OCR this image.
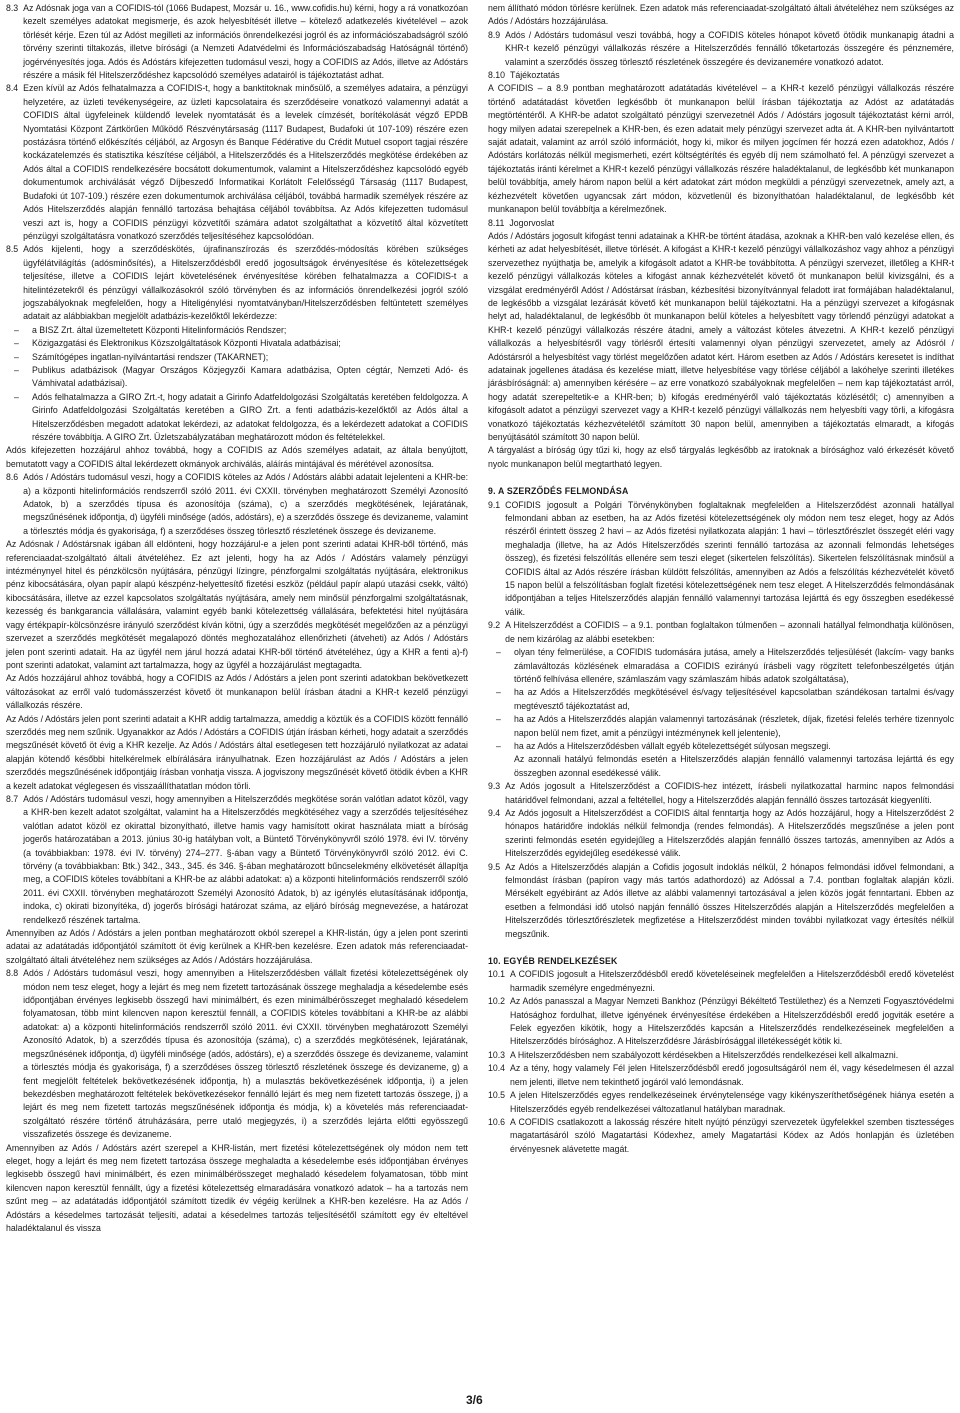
8.3 Az Adósnak joga van a COFIDIS-tól (1066 Budapest, Mozsár u. 16., www.cofidis.hu) kérni, hogy a rá vonatkozóan kezelt személyes adatokat megismerje, és azok helyesbítését illetve – kötelező adatkezelés kivételével – azok törlését kérje. Ezen túl az Adóst megilleti az információs önrendelkezési jogról és az információszabadságról szóló törvény szerinti tiltakozás, illetve bírósági (a Nemzeti Adatvédelmi és Információszabadság Hatóságnál történő) jogérvényesítés joga. Adós és Adóstárs kifejezetten tudomásul veszi, hogy a COFIDIS az Adós, illetve az Adóstárs részére a másik fél Hitelszerződéshez kapcsolódó személyes adatairól is tájékoztatást adhat.

8.4 Ezen kívül az Adós felhatalmazza a COFIDIS-t, hogy a banktitoknak minősülő, a személyes adataira, a pénzügyi helyzetére, az üzleti tevékenységeire, az üzleti kapcsolataira és szerződéseire vonatkozó valamennyi adatát a COFIDIS által ügyfeleinek küldendő levelek nyomtatását és a levelek címzését, borítékolását végző EPDB Nyomtatási Központ Zártkörűen Működő Részvénytársaság (1117 Budapest, Budafoki út 107-109) részére ezen postázásra történő előkészítés céljából, az Argosyn és Banque Fédérative du Crédit Mutuel csoport tagjai részére kockázatelemzés és statisztika készítése céljából, a Hitelszerződés és a Hitelszerződés megkötése érdekében az Adós által a COFIDIS rendelkezésére bocsátott dokumentumok, valamint a Hitelszerződéshez kapcsolódó egyéb dokumentumok archiválását végző Díjbeszedő Informatikai Korlátolt Felelősségű Társaság (1117 Budapest, Budafoki út 107-109.) részére ezen dokumentumok archiválása céljából, továbbá harmadik személyek részére az Adós Hitelszerződés alapján fennálló tartozása behajtása céljából továbbítsa. Az Adós kifejezetten tudomásul veszi azt is, hogy a COFIDIS pénzügyi közvetítői számára adatot szolgáltathat a közvetítő által közvetített pénzügyi szolgáltatásra vonatkozó szerződés teljesítéséhez kapcsolódóan.

8.5 Adós kijelenti, hogy a szerződéskötés, újrafinanszírozás és szerződés-módosítás körében szükséges ügyfélátvilágítás (adósminősítés), a Hitelszerződésből eredő jogosultságok érvényesítése és kötelezettségek teljesítése, illetve a COFIDIS lejárt követelésének érvényesítése körében felhatalmazza a COFIDIS-t a hitelintézetekről és pénzügyi vállalkozásokról szóló törvényben és az információs önrendelkezési jogról szóló jogszabályoknak megfelelően, hogy a Hiteligénylési nyomtatványban/Hitelszerződésben feltüntetett személyes adatait az alábbiakban megjelölt adatbázis-kezelőktől lekérdezze:

–	a BISZ Zrt. által üzemeltetett Központi Hitelinformációs Rendszer;

–	Közigazgatási és Elektronikus Közszolgáltatások Központi Hivatala adatbázisai;

–	Számítógépes ingatlan-nyilvántartási rendszer (TAKARNET);

–	Publikus adatbázisok (Magyar Országos Közjegyzői Kamara adatbázisa, Opten cégtár, Nemzeti Adó- és Vámhivatal adatbázisai).

–	Adós felhatalmazza a GIRO Zrt.-t, hogy adatait a Girinfo Adatfeldolgozási Szolgáltatás keretében feldolgozza. A Girinfo Adatfeldolgozási Szolgáltatás keretében a GIRO Zrt. a fenti adatbázis-kezelőktől az Adós által a Hitelszerződésben megadott adatokat lekérdezi, az adatokat feldolgozza, és a lekérdezett adatokat a COFIDIS részére továbbítja. A GIRO Zrt. Üzletszabályzatában meghatározott módon és feltételekkel.

Adós kifejezetten hozzájárul ahhoz továbbá, hogy a COFIDIS az Adós személyes adatait, az általa benyújtott, bemutatott vagy a COFIDIS által lekérdezett okmányok archiválás, aláírás mintájával és mérétével azonosítsa.

8.6 Adós / Adóstárs tudomásul veszi, hogy a COFIDIS köteles az Adós / Adóstárs alábbi adatait lejelenteni a KHR-be: a) a központi hitelinformációs rendszerről szóló 2011. évi CXXII. törvényben meghatározott Személyi Azonosító Adatok, b) a szerződés típusa és azonosítója (száma), c) a szerződés megkötésének, lejáratának, megszűnésének időpontja, d) ügyféli minősége (adós, adóstárs), e) a szerződés összege és devizaneme, valamint a törlesztés módja és gyakorisága, f) a szerződéses összeg törlesztő részletének összege és devizaneme.

Az Adósnak / Adóstársnak igában áll eldönteni, hogy hozzájárul-e a jelen pont szerinti adatai KHR-ből történő, más referenciaadat-szolgáltató általi átvételéhez. Ez azt jelenti, hogy ha az Adós / Adóstárs valamely pénzügyi intézménynyel hitel és pénzkölcsön nyújtására, pénzügyi lízingre, pénzforgalmi szolgáltatás nyújtására, elektronikus pénz kibocsátására, olyan papír alapú készpénz-helyettesítő fizetési eszköz (például papír alapú utazási csekk, váltó) kibocsátására, illetve az ezzel kapcsolatos szolgáltatás nyújtására, amely nem minősül pénzforgalmi szolgáltatásnak, kezesség és bankgarancia vállalására, valamint egyéb banki kötelezettség vállalására, befektetési hitel nyújtására vagy értékpapír-kölcsönzésre irányuló szerződést kíván kötni, úgy a szerződés megkötését megelőzően az a pénzügyi szervezet a szerződés megkötését megalapozó döntés meghozatalához ellenőrizheti (átveheti) az Adós / Adóstárs jelen pont szerinti adatait. Ha az ügyfél nem járul hozzá adatai KHR-ből történő átvételéhez, úgy a KHR a fenti a)-f) pont szerinti adatokat, valamint azt tartalmazza, hogy az ügyfél a hozzájárulást megtagadta.

Az Adós hozzájárul ahhoz továbbá, hogy a COFIDIS az Adós / Adóstárs a jelen pont szerinti adatokban bekövetkezett változásokat az erről való tudomásszerzést követő öt munkanapon belül írásban átadni a KHR-t kezelő pénzügyi vállalkozás részére.

Az Adós / Adóstárs jelen pont szerinti adatait a KHR addig tartalmazza, ameddig a köztük és a COFIDIS között fennálló szerződés meg nem szűnik. Ugyanakkor az Adós / Adóstárs a COFIDIS útján írásban kérheti, hogy adatait a szerződés megszűnését követő öt évig a KHR kezelje. Az Adós / Adóstárs által esetlegesen tett hozzájáruló nyilatkozat az adatai alapján kötendő későbbi hitelkérelmek elbírálására irányulhatnak. Ezen hozzájárulást az Adós / Adóstárs a jelen szerződés megszűnésének időpontjáig írásban vonhatja vissza. A jogviszony megszűnését követő ötödik évben a KHR a kezelt adatokat véglegesen és visszaállíthatatlan módon törli.

8.7 Adós / Adóstárs tudomásul veszi, hogy amennyiben a Hitelszerződés megkötése során valótlan adatot közöl, vagy a KHR-ben kezelt adatot szolgáltat, valamint ha a Hitelszerződés megkötéséhez vagy a szerződés teljesítéséhez valótlan adatot közöl ez okirattal bizonyítható, illetve hamis vagy hamisított okirat használata miatt a bíróság jogerős határozatában a 2013. június 30-ig hatályban volt, a Büntető Törvénykönyvről szóló 1978. évi IV. törvény (a továbbiakban: 1978. évi IV. törvény) 274–277. §-ában vagy a Büntető Törvénykönyvről szóló 2012. évi C. törvény (a továbbiakban: Btk.) 342., 343., 345. és 346. §-ában meghatározott bűncselekmény elkövetését állapítja meg, a COFIDIS köteles továbbítani a KHR-be az alábbi adatokat: a) a központi hitelinformációs rendszerről szóló 2011. évi CXXII. törvényben meghatározott Személyi Azonosító Adatok, b) az igénylés elutasításának időpontja, indoka, c) okirati bizonyítéka, d) jogerős bírósági határozat száma, az eljáró bíróság megnevezése, a határozat rendelkező részének tartalma.

Amennyiben az Adós / Adóstárs a jelen pontban meghatározott okból szerepel a KHR-listán, úgy a jelen pont szerinti adatai az adatátadás időpontjától számított öt évig kerülnek a KHR-ben kezelésre. Ezen adatok más referenciaadat-szolgáltató általi átvételéhez nem szükséges az Adós / Adóstárs hozzájárulása.

8.8 Adós / Adóstárs tudomásul veszi, hogy amennyiben a Hitelszerződésben vállalt fizetési kötelezettségének oly módon nem tesz eleget, hogy a lejárt és meg nem fizetett tartozásának összege meghaladja a késedelembe esés időpontjában érvényes legkisebb összegű havi minimálbért, és ezen minimálbérösszeget meghaladó késedelem folyamatosan, több mint kilencven napon keresztül fennáll, a COFIDIS köteles továbbítani a KHR-be az alábbi adatokat: a) a központi hitelinformációs rendszerről szóló 2011. évi CXXII. törvényben meghatározott Személyi Azonosító Adatok, b) a szerződés típusa és azonosítója (száma), c) a szerződés megkötésének, lejáratának, megszűnésének időpontja, d) ügyféli minősége (adós, adóstárs), e) a szerződés összege és devizaneme, valamint a törlesztés módja és gyakorisága, f) a szerződéses összeg törlesztő részletének összege és devizaneme, g) a fent megjelölt feltételek bekövetkezésének időpontja, h) a mulasztás bekövetkezésének időpontja, i) a jelen bekezdésben meghatározott feltételek bekövetkezésekor fennálló lejárt és meg nem fizetett tartozás összege, j) a lejárt és meg nem fizetett tartozás megszűnésének időpontja és módja, k) a követelés más referenciaadat-szolgáltató részére történő átruházására, perre utaló megjegyzés, i) a szerződés lejárta előtti egyösszegű visszafizetés összege és devizaneme.

Amennyiben az Adós / Adóstárs azért szerepel a KHR-listán, mert fizetési kötelezettségének oly módon nem tett eleget, hogy a lejárt és meg nem fizetett tartozása összege meghaladta a késedelembe esés időpontjában érvényes legkisebb összegű havi minimálbért, és ezen minimálbérösszeget meghaladó késedelem folyamatosan, több mint kilencven napon keresztül fennállt, úgy a fizetési kötelezettség elmaradására vonatkozó adatok – ha a tartozás nem szűnt meg – az adatátadás időpontjától számított tizedik év végéig kerülnek a KHR-ben kezelésre. Ha az Adós / Adóstárs a késedelmes tartozását teljesíti, adatai a késedelmes tartozás teljesítésétől számított egy év elteltével haladéktalanul és vissza

nem állítható módon törlésre kerülnek. Ezen adatok más referenciaadat-szolgáltató általi átvételéhez nem szükséges az Adós / Adóstárs hozzájárulása.

8.9 Adós / Adóstárs tudomásul veszi továbbá, hogy a COFIDIS köteles hónapot követő ötödik munkanapig átadni a KHR-t kezelő pénzügyi vállalkozás részére a Hitelszerződés fennálló tőketartozás összegére és pénznemére, valamint a szerződés összeg törlesztő részletének összegére és devizanemére vonatkozó adatot.

8.10 Tájékoztatás

A COFIDIS – a 8.9 pontban meghatározott adatátadás kivételével – a KHR-t kezelő pénzügyi vállalkozás részére történő adatátadást követően legkésőbb öt munkanapon belül írásban tájékoztatja az Adóst az adatátadás megtörténtéről. A KHR-be adatot szolgáltató pénzügyi szervezetnél Adós / Adóstárs jogosult tájékoztatást kérni arról, hogy milyen adatai szerepelnek a KHR-ben, és ezen adatait mely pénzügyi szervezet adta át. A KHR-ben nyilvántartott saját adatait, valamint az arról szóló információt, hogy ki, mikor és milyen jogcímen fér hozzá ezen adatokhoz, Adós / Adóstárs korlátozás nélkül megismerheti, ezért költségtérítés és egyéb díj nem számolható fel. A pénzügyi szervezet a tájékoztatás iránti kérelmet a KHR-t kezelő pénzügyi vállalkozás részére haladéktalanul, de legkésőbb két munkanapon belül továbbítja, amely három napon belül a kért adatokat zárt módon megküldi a pénzügyi szervezetnek, amely azt, a kézhezvételt követően ugyancsak zárt módon, közvetlenül és bizonyíthatóan haladéktalanul, de legkésőbb két munkanapon belül továbbítja a kérelmezőnek.

8.11 Jogorvoslat

Adós / Adóstárs jogosult kifogást tenni adatainak a KHR-be történt átadása, azoknak a KHR-ben való kezelése ellen, és kérheti az adat helyesbítését, illetve törlését. A kifogást a KHR-t kezelő pénzügyi vállalkozáshoz vagy ahhoz a pénzügyi szervezethez nyújthatja be, amelyik a kifogásolt adatot a KHR-be továbbította. A pénzügyi szervezet, illetőleg a KHR-t kezelő pénzügyi vállalkozás köteles a kifogást annak kézhezvételét követő öt munkanapon belül kivizsgálni, és a vizsgálat eredményéről Adóst / Adóstársat írásban, kézbesítési bizonyítvánnyal feladott irat formájában haladéktalanul, de legkésőbb a vizsgálat lezárását követő két munkanapon belül tájékoztatni. Ha a pénzügyi szervezet a kifogásnak helyt ad, haladéktalanul, de legkésőbb öt munkanapon belül köteles a helyesbített vagy törlendő pénzügyi adatokat a KHR-t kezelő pénzügyi vállalkozás részére átadni, amely a változást köteles átvezetni. A KHR-t kezelő pénzügyi vállalkozás a helyesbítésről vagy törlésről értesíti valamennyi olyan pénzügyi szervezetet, amely az Adósról / Adóstársról a helyesbítést vagy törlést megelőzően adatot kért. Három esetben az Adós / Adóstárs keresetet is indíthat adatainak jogellenes átadása és kezelése miatt, illetve helyesbítése vagy törlése céljából a lakóhelye szerinti illetékes járásbíróságnál: a) amennyiben kérésére – az erre vonatkozó szabályoknak megfelelően – nem kap tájékoztatást arról, hogy adatát szerepeltetik-e a KHR-ben; b) kifogás eredményéről való tájékoztatás közlésétől; c) amennyiben a kifogásolt adatot a pénzügyi szervezet vagy a KHR-t kezelő pénzügyi vállalkozás nem helyesbíti vagy törli, a kifogásra vonatkozó tájékoztatás kézhezvételétől számított 30 napon belül, amennyiben a tájékoztatás elmaradt, a kifogás benyújtásától számított 30 napon belül.

A tárgyalást a bíróság úgy tűzi ki, hogy az első tárgyalás legkésőbb az iratoknak a bírósághoz való érkezését követő nyolc munkanapon belül megtartható legyen.

9. A SZERZŐDÉS FELMONDÁSA

9.1 COFIDIS jogosult a Polgári Törvénykönyben foglaltaknak megfelelően a Hitelszerződést azonnali hatállyal felmondani abban az esetben, ha az Adós fizetési kötelezettségének oly módon nem tesz eleget, hogy az Adós részéről érintett összeg 2 havi – az Adós fizetési nyilatkozata alapján: 1 havi – törlesztőrészlet összegét eléri vagy meghaladja (illetve, ha az Adós Hitelszerződés szerinti fennálló tartozása az azonnali felmondás lehetséges összeg), és fizetési felszólítás ellenére sem teszi eleget (sikertelen felszólítás). Sikertelen felszólításnak minősül a COFIDIS által az Adós részére írásban küldött felszólítás, amennyiben az Adós a felszólítás kézhezvételét követő 15 napon belül a felszólításban foglalt fizetési kötelezettségének nem tesz eleget. A Hitelszerződés felmondásának időpontjában a teljes Hitelszerződés alapján fennálló valamennyi tartozása lejárttá és egy összegben esedékessé válik.

9.2 A Hitelszerződést a COFIDIS – a 9.1. pontban foglaltakon túlmenően – azonnali hatállyal felmondhatja különösen, de nem kizárólag az alábbi esetekben:

–	olyan tény felmerülése, a COFIDIS tudomására jutása, amely a Hitelszerződés teljesülését (lakcím- vagy banks zámlaváltozás közlésének elmaradása a COFIDIS ezirányú írásbeli vagy rögzített telefonbeszélgetés útján történő felhívása ellenére, számlaszám vagy számlaszám hibás adatok szolgáltatása),

–	ha az Adós a Hitelszerződés megkötésével és/vagy teljesítésével kapcsolatban szándékosan tartalmi és/vagy megtévesztő tájékoztatást ad,

–	ha az Adós a Hitelszerződés alapján valamennyi tartozásának (részletek, díjak, fizetési felelés terhére tizennyolc napon belül nem fizet, amit a pénzügyi intézménynek kell jelentenie),

–	ha az Adós a Hitelszerződésben vállalt egyéb kötelezettségét súlyosan megszegi.

Az azonnali hatályú felmondás esetén a Hitelszerződés alapján fennálló valamennyi tartozása lejárttá és egy összegben azonnal esedékessé válik.

9.3 Az Adós jogosult a Hitelszerződést a COFIDIS-hez intézett, írásbeli nyilatkozattal harminc napos felmondási határidővel felmondani, azzal a feltétellel, hogy a Hitelszerződés alapján fennálló összes tartozását kiegyenlíti.

9.4 Az Adós jogosult a Hitelszerződést a COFIDIS által fenntartja hogy az Adós hozzájárul, hogy a Hitelszerződést 2 hónapos határidőre indoklás nélkül felmondja (rendes felmondás). A Hitelszerződés megszűnése a jelen pont szerinti felmondás esetén egyidejűleg a Hitelszerződés alapján fennálló összes tartozás, amennyiben az Adós a Hitelszerződés egyidejűleg esedékessé válik.

9.5 Az Adós a Hitelszerződés alapján a Cofidis jogosult indoklás nélkül, 2 hónapos felmondási idővel felmondani, a felmondást írásban (papíron vagy más tartós adathordozó) az Adóssal a 7.4. pontban foglaltak alapján közli. Mérsékelt egyébiránt az Adós illetve az alábbi valamennyi tartozásával a jelen közös jogát fenntartani. Ebben az esetben a felmondási idő utolsó napján fennálló összes Hitelszerződés alapján a Hitelszerződés megfelelően a Hitelszerződés törlesztőrészletek megfizetése a Hitelszerződést minden további nyilatkozat vagy értesítés nélkül megszűnik.

10. EGYÉB RENDELKEZÉSEK

10.1 A COFIDIS jogosult a Hitelszerződésből eredő követeléseinek megfelelően a Hitelszerződésből eredő követelést harmadik személyre engedményezni.

10.2 Az Adós panasszal a Magyar Nemzeti Bankhoz (Pénzügyi Békéltető Testülethez) és a Nemzeti Fogyasztóvédelmi Hatósághoz fordulhat, illetve igényének érvényesítése érdekében a Hitelszerződésből eredő jogviták esetére a Felek egyezően kikötik, hogy a Hitelszerződés kapcsán a Hitelszerződés rendelkezéseinek megfelelően a Hitelszerződés bírósághoz. A Hitelszerződésre Járásbírósággal illetékességét kötik ki.

10.3 A Hitelszerződésben nem szabályozott kérdésekben a Hitelszerződés rendelkezései kell alkalmazni.

10.4 Az a tény, hogy valamely Fél jelen Hitelszerződésből eredő jogosultságáról nem él, vagy késedelmesen él azzal nem jelenti, illetve nem tekinthető jogáról való lemondásnak.

10.5 A jelen Hitelszerződés egyes rendelkezéseinek érvénytelensége vagy kikényszeríthetőségének hiánya esetén a Hitelszerződés egyéb rendelkezései változatlanul hatályban maradnak.

10.6 A COFIDIS csatlakozott a lakosság részére hitelt nyújtó pénzügyi szervezetek ügyfelekkel szemben tisztességes magatartásáról szóló Magatartási Kódexhez, amely Magatartási Kódex az Adós honlapján és üzletében érvényesnek alávetette magát.

3/6
